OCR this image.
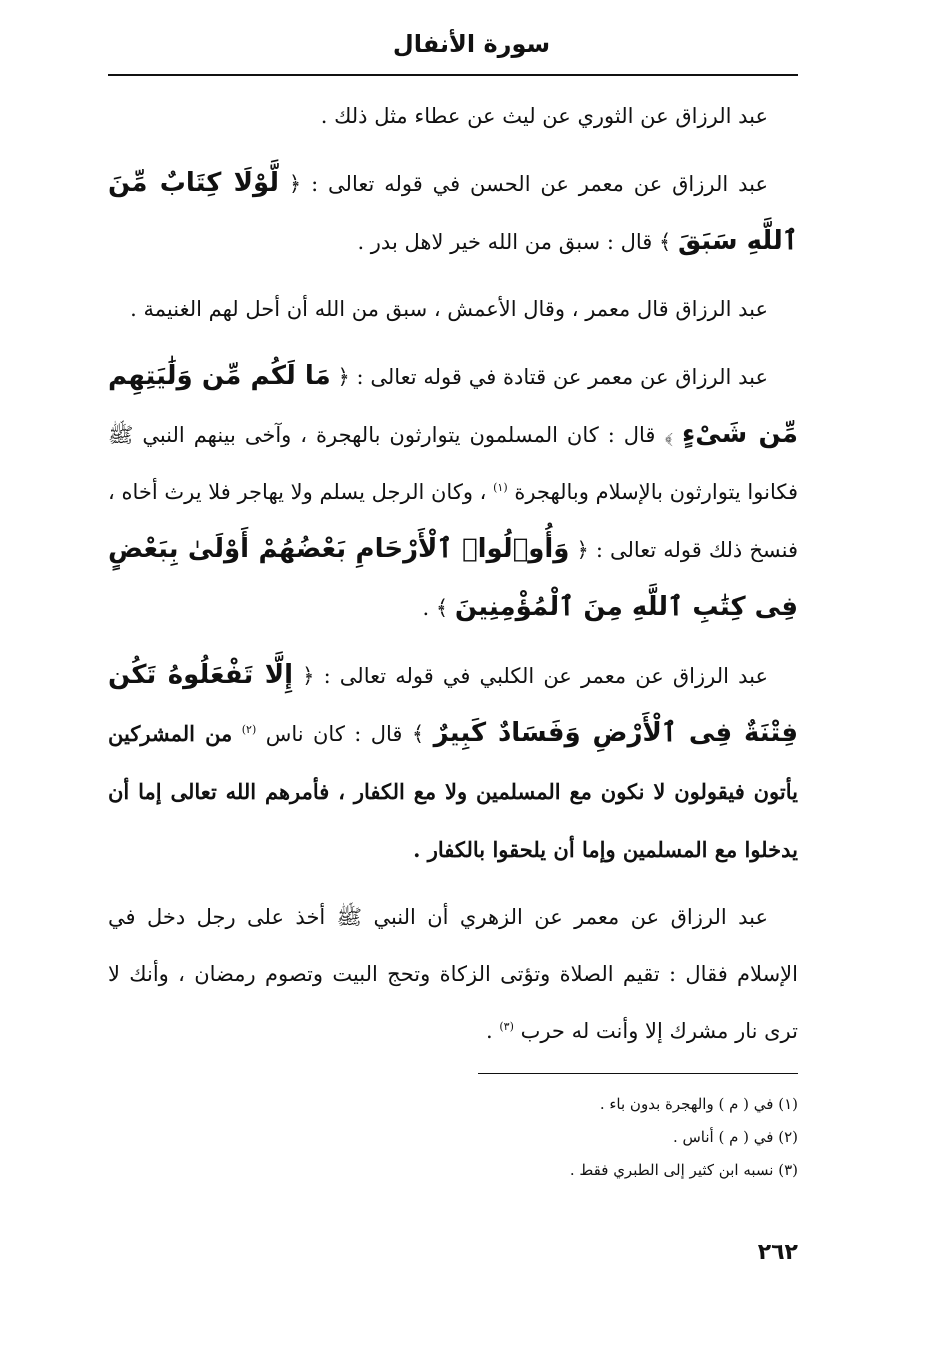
سورة الأنفال

عبد الرزاق عن الثوري عن ليث عن عطاء مثل ذلك .

عبد الرزاق عن معمر عن الحسن في قوله تعالى : ﴿ لَّوْلَا كِتَابٌ مِّنَ ٱللَّهِ سَبَقَ ﴾ قال : سبق من الله خير لاهل بدر .

عبد الرزاق قال معمر ، وقال الأعمش ، سبق من الله أن أحل لهم الغنيمة .

عبد الرزاق عن معمر عن قتادة في قوله تعالى : ﴿ مَا لَكُم مِّن وَلَٰيَتِهِم مِّن شَىْءٍ ﴾ قال : كان المسلمون يتوارثون بالهجرة ، وآخى بينهم النبي ﷺ فكانوا يتوارثون بالإسلام وبالهجرة $^{(١)}$ ، وكان الرجل يسلم ولا يهاجر فلا يرث أخاه ، فنسخ ذلك قوله تعالى : ﴿ وَأُو۟لُوا۟ ٱلْأَرْحَامِ بَعْضُهُمْ أَوْلَىٰ بِبَعْضٍ فِى كِتَٰبِ ٱللَّهِ مِنَ ٱلْمُؤْمِنِينَ ﴾ .

عبد الرزاق عن معمر عن الكلبي في قوله تعالى : ﴿ إِلَّا تَفْعَلُوهُ تَكُن فِتْنَةٌ فِى ٱلْأَرْضِ وَفَسَادٌ كَبِيرٌ ﴾ قال : كان ناس $^{(٢)}$ من المشركين يأتون فيقولون لا نكون مع المسلمين ولا مع الكفار ، فأمرهم الله تعالى إما أن يدخلوا مع المسلمين وإما أن يلحقوا بالكفار .

عبد الرزاق عن معمر عن الزهري أن النبي ﷺ أخذ على رجل دخل في الإسلام فقال : تقيم الصلاة وتؤتى الزكاة وتحج البيت وتصوم رمضان ، وأنك لا ترى نار مشرك إلا وأنت له حرب $^{(٣)}$ .

(١) في ( م ) والهجرة بدون باء .

(٢) في ( م ) أناس .

(٣) نسبه ابن كثير إلى الطبري فقط .

٢٦٢
